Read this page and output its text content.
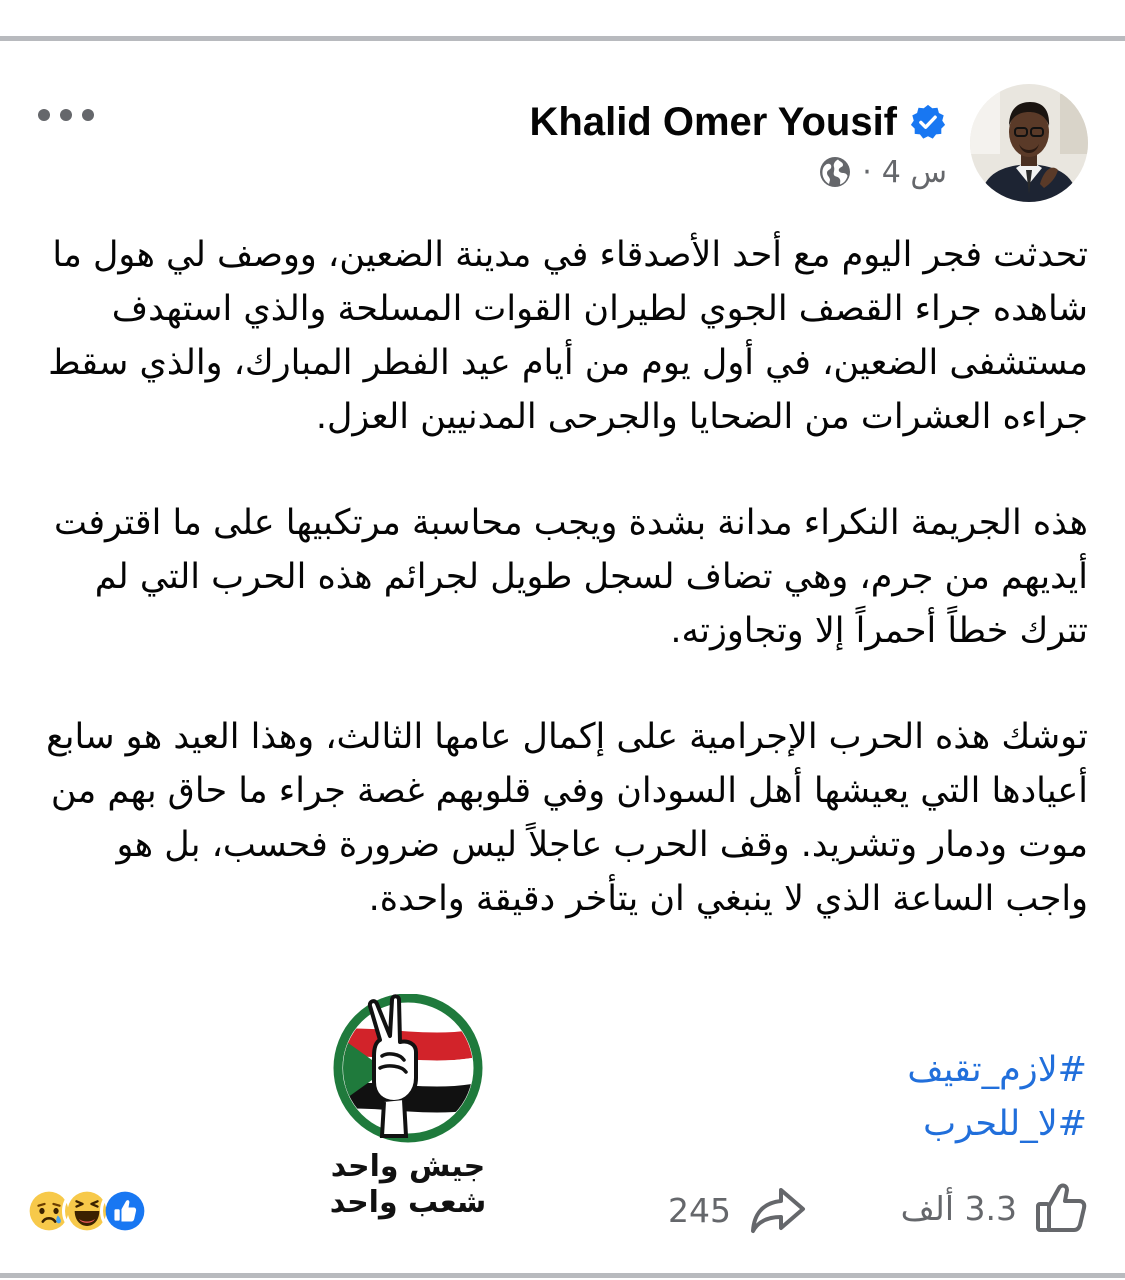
Khalid Omer Yousif
· 4 س

تحدثت فجر اليوم مع أحد الأصدقاء في مدينة الضعين، ووصف لي هول ما شاهده جراء القصف الجوي لطيران القوات المسلحة والذي استهدف مستشفى الضعين، في أول يوم من أيام عيد الفطر المبارك، والذي سقط جراءه العشرات من الضحايا والجرحى المدنيين العزل.

هذه الجريمة النكراء مدانة بشدة ويجب محاسبة مرتكبيها على ما اقترفت أيديهم من جرم، وهي تضاف لسجل طويل لجرائم هذه الحرب التي لم تترك خطاً أحمراً إلا وتجاوزته.

توشك هذه الحرب الإجرامية على إكمال عامها الثالث، وهذا العيد هو سابع أعيادها التي يعيشها أهل السودان وفي قلوبهم غصة جراء ما حاق بهم من موت ودمار وتشريد. وقف الحرب عاجلاً ليس ضرورة فحسب، بل هو واجب الساعة الذي لا ينبغي ان يتأخر دقيقة واحدة.

جيش واحد
شعب واحد
#لازم_تقيف
#لا_للحرب
245	3.3 ألف
